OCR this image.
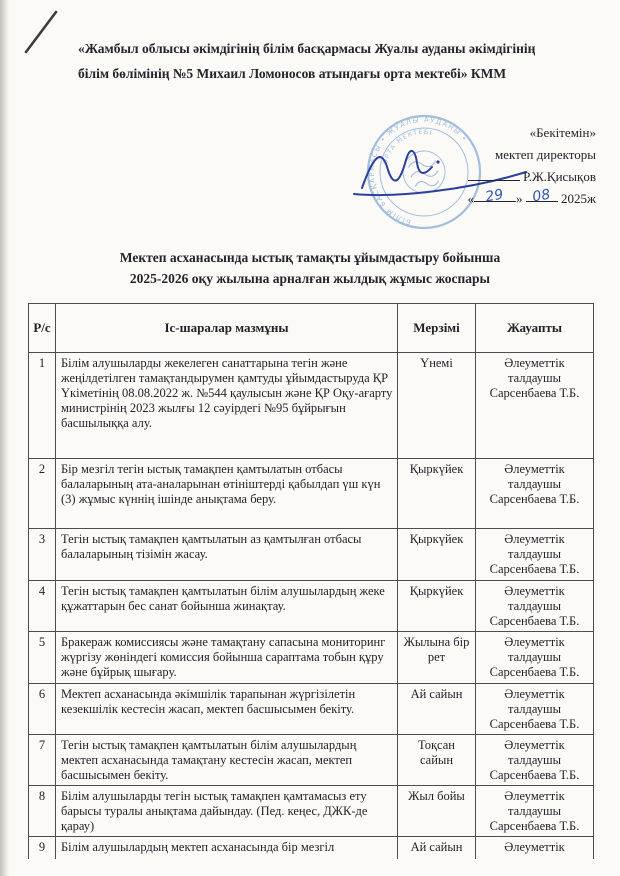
«Жамбыл облысы әкімдігінің білім басқармасы Жуалы ауданы әкімдігінің
білім бөлімінің №5 Михаил Ломоносов атындағы орта мектебі» КММ
БІЛІМ БАСҚАРМАСЫ • ЖУАЛЫ АУДАНЫ •
ОРТА МЕКТЕБІ	«Бекітемін»
мектеп директоры
Р.Ж.Қисықов
« 29 » 08 2025ж
Мектеп асханасында ыстық тамақты ұйымдастыру бойынша
2025-2026 оқу жылына арналған жылдық жұмыс жоспары
Р/с	Іс-шаралар мазмұны	Мерзімі	Жауапты
1	Білім алушыларды жекелеген санаттарына тегін және жеңілдетілген тамақтандырумен қамтуды ұйымдастыруда ҚР Үкіметінің 08.08.2022 ж. №544 қаулысын және ҚР Оқу-ағарту министрінің 2023 жылғы 12 сәуірдегі №95 бұйрығын басшылыққа алу.	Үнемі	Әлеуметтік талдаушы Сарсенбаева Т.Б.
2	Бір мезгіл тегін ыстық тамақпен қамтылатын отбасы балаларының ата-аналарынан өтініштерді қабылдап үш күн (3) жұмыс күннің ішінде анықтама беру.	Қыркүйек	Әлеуметтік талдаушы Сарсенбаева Т.Б.
3	Тегін ыстық тамақпен қамтылатын аз қамтылған отбасы балаларының тізімін жасау.	Қыркүйек	Әлеуметтік талдаушы Сарсенбаева Т.Б.
4	Тегін ыстық тамақпен қамтылатын білім алушылардың жеке құжаттарын бес санат бойынша жинақтау.	Қыркүйек	Әлеуметтік талдаушы Сарсенбаева Т.Б.
5	Бракераж комиссиясы және тамақтану сапасына мониторинг жүргізу жөніндегі комиссия бойынша сараптама тобын құру және бұйрық шығару.	Жылына бір рет	Әлеуметтік талдаушы Сарсенбаева Т.Б.
6	Мектеп асханасында әкімшілік тарапынан жүргізілетін кезекшілік кестесін жасап, мектеп басшысымен бекіту.	Ай сайын	Әлеуметтік талдаушы Сарсенбаева Т.Б.
7	Тегін ыстық тамақпен қамтылатын білім алушылардың мектеп асханасында тамақтану кестесін жасап, мектеп басшысымен бекіту.	Тоқсан сайын	Әлеуметтік талдаушы Сарсенбаева Т.Б.
8	Білім алушыларды тегін ыстық тамақпен қамтамасыз ету барысы туралы анықтама дайындау. (Пед. кеңес, ДЖК-де қарау)	Жыл бойы	Әлеуметтік талдаушы Сарсенбаева Т.Б.
9	Білім алушылардың мектеп асханасында бір мезгіл	Ай сайын	Әлеуметтік
